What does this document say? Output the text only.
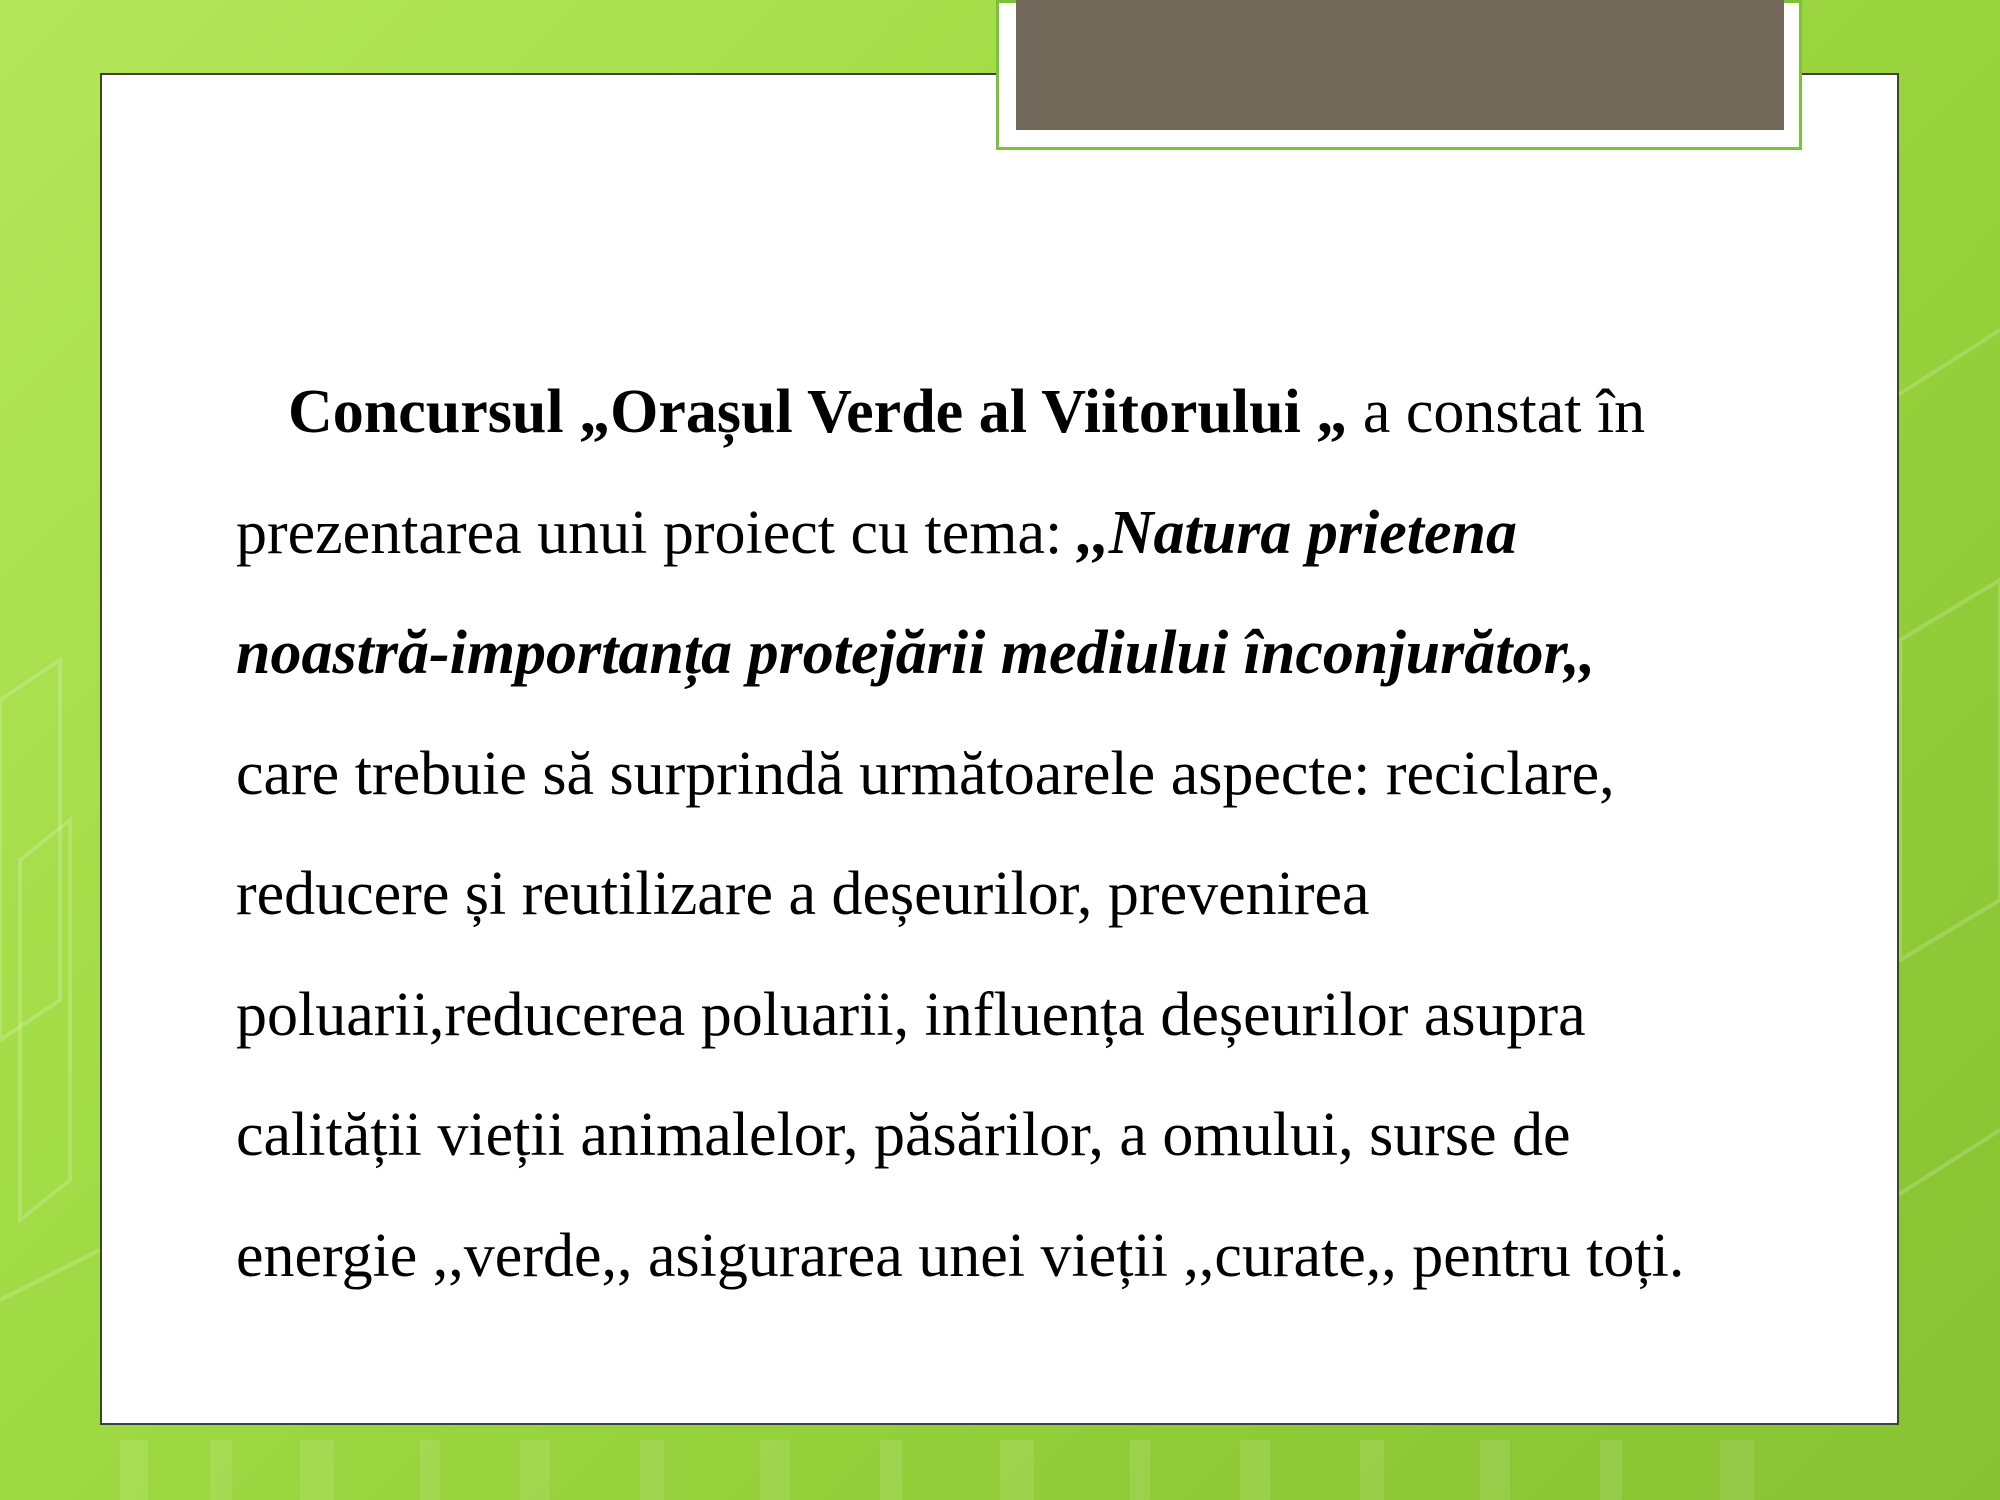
Concursul „Orașul Verde al Viitorului „ a constat în
prezentarea unui proiect cu tema: ,,Natura prietena
noastră-importanța protejării mediului înconjurător,,
care trebuie să surprindă următoarele aspecte: reciclare,
reducere și reutilizare a deșeurilor, prevenirea
poluarii,reducerea poluarii, influența deșeurilor asupra
calității vieții animalelor, păsărilor, a omului, surse de
energie ,,verde,, asigurarea unei vieții ,,curate,, pentru toți.
